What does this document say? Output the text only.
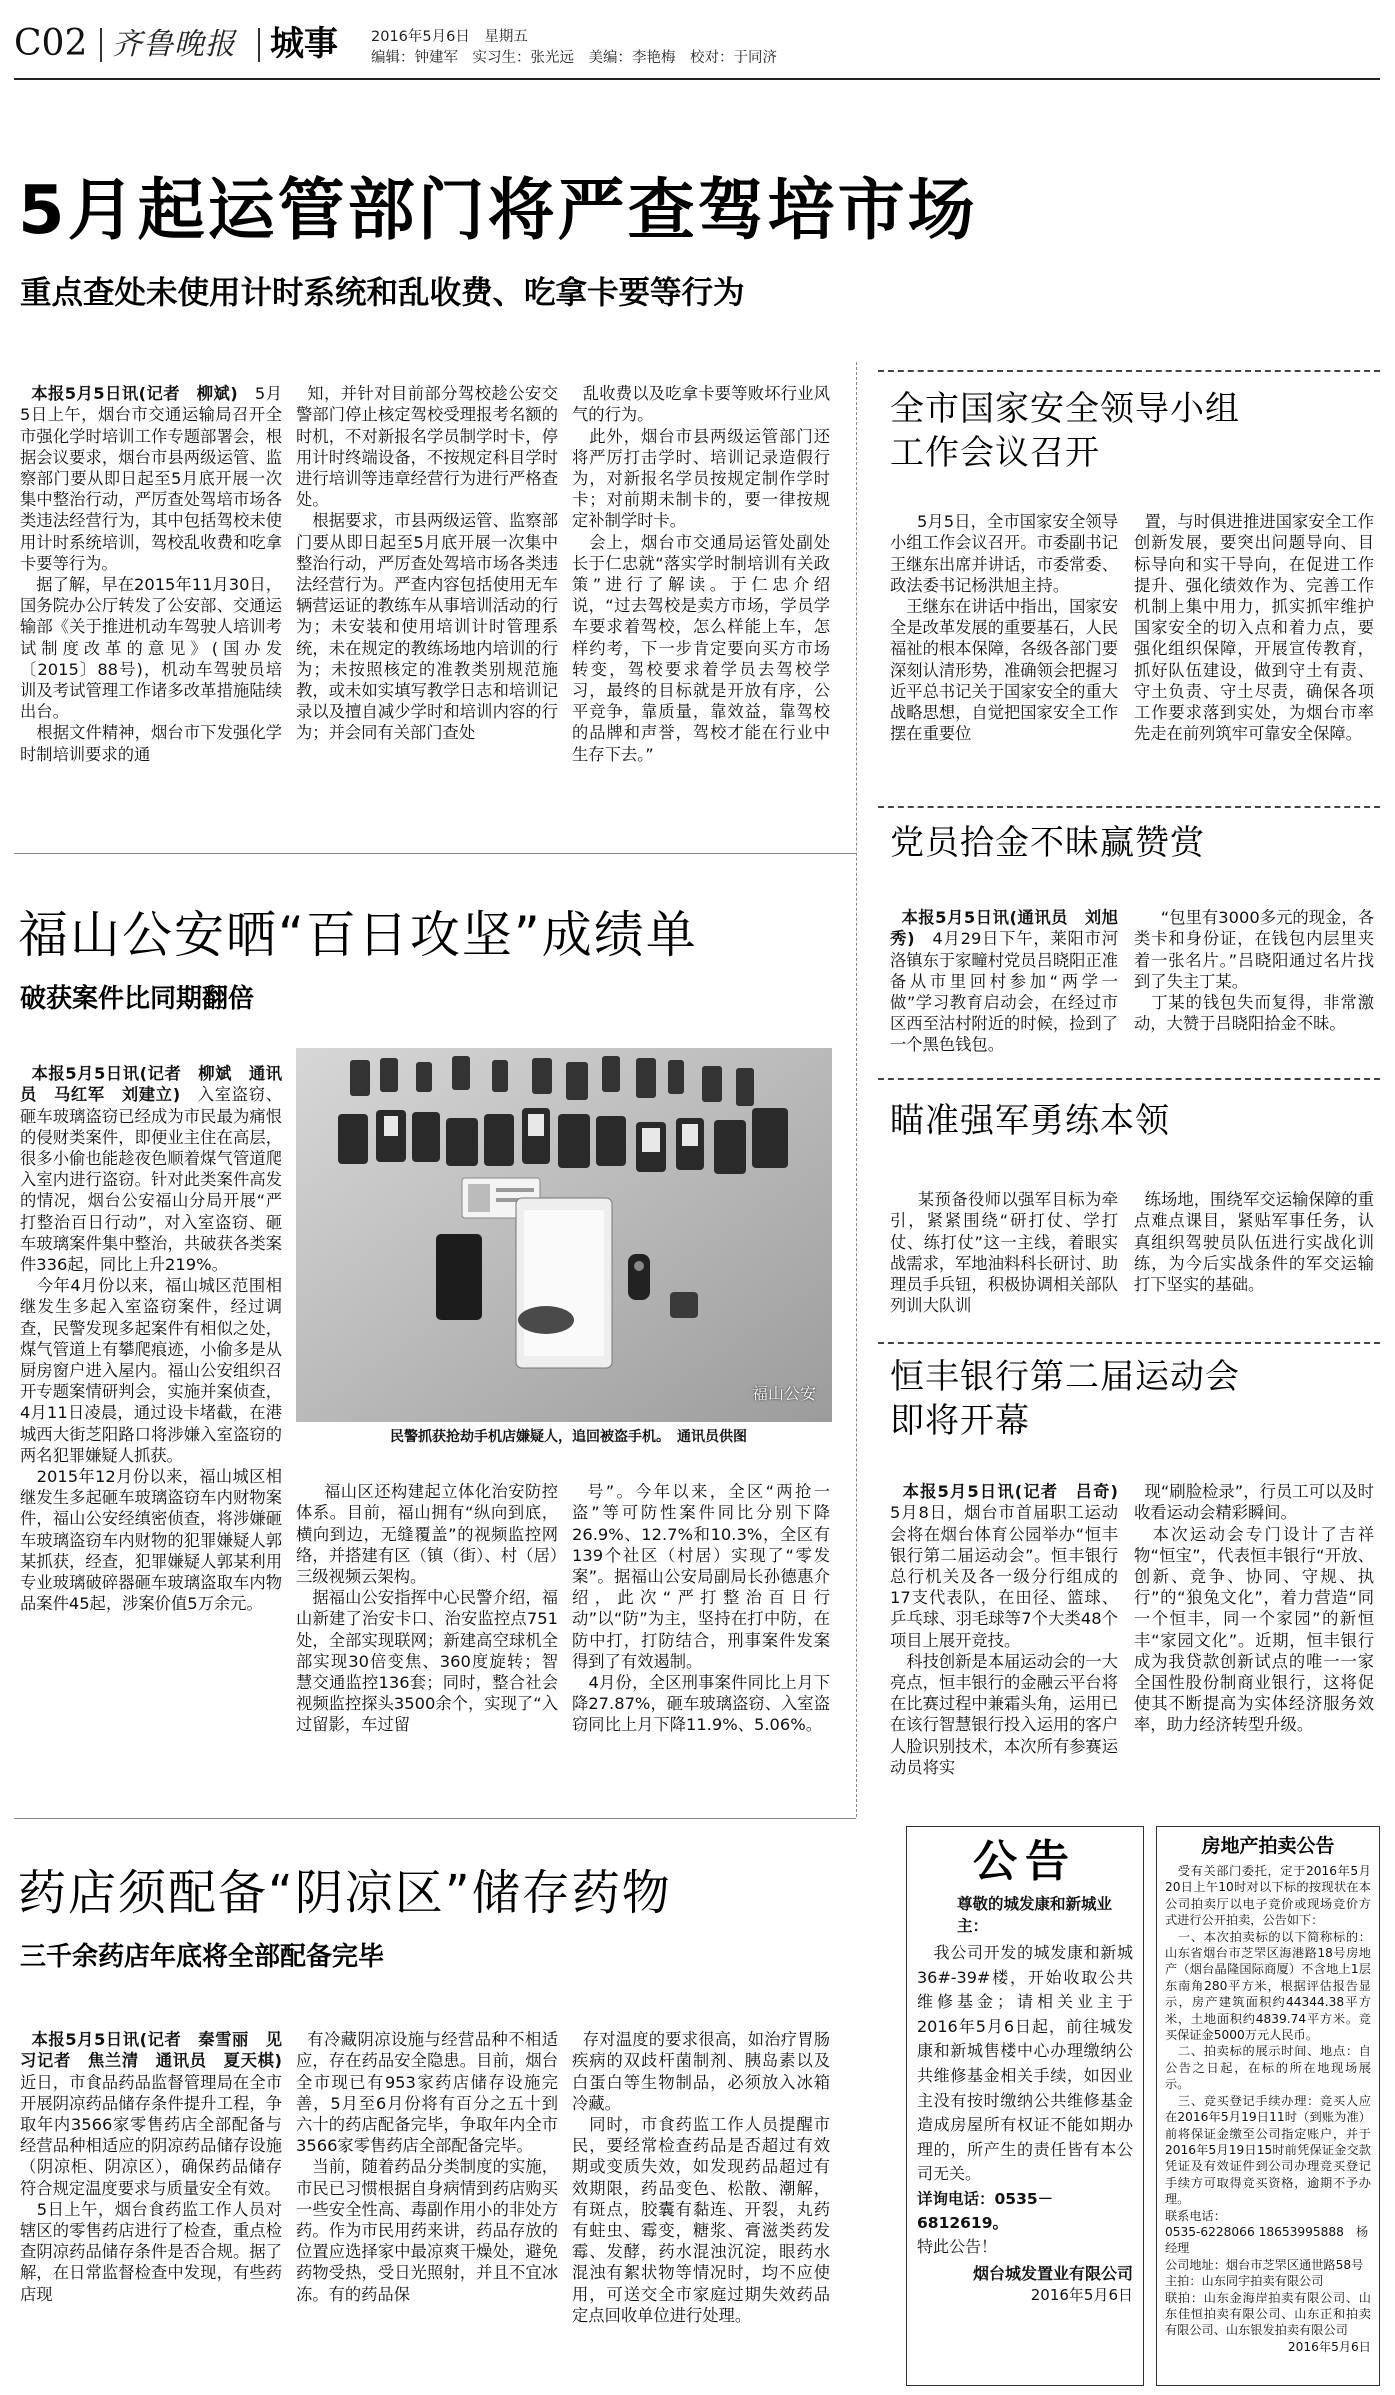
C02 齐鲁晚报 城事 2016年5月6日　 星期五
编辑：钟建军　实习生：张光远　美编：李艳梅　校对：于同济
5月起运管部门将严查驾培市场
重点查处未使用计时系统和乱收费、吃拿卡要等行为

本报5月5日讯(记者　柳斌)　5月5日上午，烟台市交通运输局召开全市强化学时培训工作专题部署会，根据会议要求，烟台市县两级运管、监察部门要从即日起至5月底开展一次集中整治行动，严厉查处驾培市场各类违法经营行为，其中包括驾校未使用计时系统培训，驾校乱收费和吃拿卡要等行为。
　据了解，早在2015年11月30日，国务院办公厅转发了公安部、交通运输部《关于推进机动车驾驶人培训考试制度改革的意见》(国办发〔2015〕88号)，机动车驾驶员培训及考试管理工作诸多改革措施陆续出台。
　根据文件精神，烟台市下发强化学时制培训要求的通

知，并针对目前部分驾校趁公安交警部门停止核定驾校受理报考名额的时机，不对新报名学员制学时卡，停用计时终端设备，不按规定科目学时进行培训等违章经营行为进行严格查处。
　根据要求，市县两级运管、监察部门要从即日起至5月底开展一次集中整治行动，严厉查处驾培市场各类违法经营行为。严查内容包括使用无车辆营运证的教练车从事培训活动的行为；未安装和使用培训计时管理系统，未在规定的教练场地内培训的行为；未按照核定的准教类别规范施教，或未如实填写教学日志和培训记录以及擅自减少学时和培训内容的行为；并会同有关部门查处

乱收费以及吃拿卡要等败坏行业风气的行为。
　此外，烟台市县两级运管部门还将严厉打击学时、培训记录造假行为，对新报名学员按规定制作学时卡；对前期未制卡的，要一律按规定补制学时卡。
　会上，烟台市交通局运管处副处长于仁忠就“落实学时制培训有关政策”进行了解读。于仁忠介绍说，“过去驾校是卖方市场，学员学车要求着驾校，怎么样能上车，怎样约考，下一步肯定要向买方市场转变，驾校要求着学员去驾校学习，最终的目标就是开放有序，公平竞争，靠质量，靠效益，靠驾校的品牌和声誉，驾校才能在行业中生存下去。”

全市国家安全领导小组
工作会议召开

　5月5日，全市国家安全领导小组工作会议召开。市委副书记王继东出席并讲话，市委常委、政法委书记杨洪旭主持。
　王继东在讲话中指出，国家安全是改革发展的重要基石，人民福祉的根本保障，各级各部门要深刻认清形势，准确领会把握习近平总书记关于国家安全的重大战略思想，自觉把国家安全工作摆在重要位

置，与时俱进推进国家安全工作创新发展，要突出问题导向、目标导向和实干导向，在促进工作提升、强化绩效作为、完善工作机制上集中用力，抓实抓牢维护国家安全的切入点和着力点，要强化组织保障，开展宣传教育，抓好队伍建设，做到守土有责、守土负责、守土尽责，确保各项工作要求落到实处，为烟台市率先走在前列筑牢可靠安全保障。

党员拾金不昧赢赞赏

本报5月5日讯(通讯员　刘旭秀)　4月29日下午，莱阳市河洛镇东于家疃村党员吕晓阳正准备从市里回村参加“两学一做”学习教育启动会，在经过市区西至沽村附近的时候，捡到了一个黑色钱包。

　“包里有3000多元的现金，各类卡和身份证，在钱包内层里夹着一张名片。”吕晓阳通过名片找到了失主丁某。
　丁某的钱包失而复得，非常激动，大赞于吕晓阳拾金不昧。

瞄准强军勇练本领

　某预备役师以强军目标为牵引，紧紧围绕“研打仗、学打仗、练打仗”这一主线，着眼实战需求，军地油料科长研讨、助理员手兵钮，积极协调相关部队列训大队训

练场地，围绕军交运输保障的重点难点课目，紧贴军事任务，认真组织驾驶员队伍进行实战化训练，为今后实战条件的军交运输打下坚实的基础。

恒丰银行第二届运动会
即将开幕

本报5月5日讯(记者　吕奇)　5月8日，烟台市首届职工运动会将在烟台体育公园举办“恒丰银行第二届运动会”。恒丰银行总行机关及各一级分行组成的17支代表队，在田径、篮球、乒乓球、羽毛球等7个大类48个项目上展开竞技。
　科技创新是本届运动会的一大亮点，恒丰银行的金融云平台将在比赛过程中兼霜头角，运用已在该行智慧银行投入运用的客户人脸识别技术，本次所有参赛运动员将实

现“刷脸检录”，行员工可以及时收看运动会精彩瞬间。
　本次运动会专门设计了吉祥物“恒宝”，代表恒丰银行“开放、创新、竞争、协同、守规、执行”的“狼兔文化”，着力营造“同一个恒丰，同一个家园”的新恒丰“家园文化”。近期，恒丰银行成为我贷款创新试点的唯一一家全国性股份制商业银行，这将促使其不断提高为实体经济服务效率，助力经济转型升级。

福山公安晒“百日攻坚”成绩单
破获案件比同期翻倍

本报5月5日讯(记者　柳斌　通讯员　马红军　刘建立)　入室盗窃、砸车玻璃盗窃已经成为市民最为痛恨的侵财类案件，即便业主住在高层，很多小偷也能趁夜色顺着煤气管道爬入室内进行盗窃。针对此类案件高发的情况，烟台公安福山分局开展“严打整治百日行动”，对入室盗窃、砸车玻璃案件集中整治，共破获各类案件336起，同比上升219%。
　今年4月份以来，福山城区范围相继发生多起入室盗窃案件，经过调查，民警发现多起案件有相似之处，煤气管道上有攀爬痕迹，小偷多是从厨房窗户进入屋内。福山公安组织召开专题案情研判会，实施并案侦查，4月11日凌晨，通过设卡堵截，在港城西大街芝阳路口将涉嫌入室盗窃的两名犯罪嫌疑人抓获。
　2015年12月份以来，福山城区相继发生多起砸车玻璃盗窃车内财物案件，福山公安经缜密侦查，将涉嫌砸车玻璃盗窃车内财物的犯罪嫌疑人郭某抓获，经查，犯罪嫌疑人郭某利用专业玻璃破碎器砸车玻璃盗取车内物品案件45起，涉案价值5万余元。

福山公安
民警抓获抢劫手机店嫌疑人，追回被盗手机。　通讯员供图

　福山区还构建起立体化治安防控体系。目前，福山拥有“纵向到底，横向到边，无缝覆盖”的视频监控网络，并搭建有区（镇（街）、村（居）三级视频云架构。
　据福山公安指挥中心民警介绍，福山新建了治安卡口、治安监控点751处，全部实现联网；新建高空球机全部实现30倍变焦、360度旋转；智慧交通监控136套；同时，整合社会视频监控探头3500余个，实现了“入过留影，车过留

号”。今年以来，全区“两抢一盗”等可防性案件同比分别下降26.9%、12.7%和10.3%，全区有139个社区（村居）实现了“零发案”。据福山公安局副局长孙德惠介绍，此次“严打整治百日行动”以“防”为主，坚持在打中防，在防中打，打防结合，刑事案件发案得到了有效遏制。
　4月份，全区刑事案件同比上月下降27.87%，砸车玻璃盗窃、入室盗窃同比上月下降11.9%、5.06%。

药店须配备“阴凉区”储存药物
三千余药店年底将全部配备完毕

本报5月5日讯(记者　秦雪丽　见习记者　焦兰清　通讯员　夏天棋)　近日，市食品药品监督管理局在全市开展阴凉药品储存条件提升工程，争取年内3566家零售药店全部配备与经营品种相适应的阴凉药品储存设施（阴凉柜、阴凉区），确保药品储存符合规定温度要求与质量安全有效。
　5日上午，烟台食药监工作人员对辖区的零售药店进行了检查，重点检查阴凉药品储存条件是否合规。据了解，在日常监督检查中发现，有些药店现

有冷藏阴凉设施与经营品种不相适应，存在药品安全隐患。目前，烟台全市现已有953家药店储存设施完善，5月至6月份将有百分之五十到六十的药店配备完毕，争取年内全市3566家零售药店全部配备完毕。
　当前，随着药品分类制度的实施，市民已习惯根据自身病情到药店购买一些安全性高、毒副作用小的非处方药。作为市民用药来讲，药品存放的位置应选择家中最凉爽干燥处，避免药物受热，受日光照射，并且不宜冰冻。有的药品保

存对温度的要求很高，如治疗胃肠疾病的双歧杆菌制剂、胰岛素以及白蛋白等生物制品，必须放入冰箱冷藏。
　同时，市食药监工作人员提醒市民，要经常检查药品是否超过有效期或变质失效，如发现药品超过有效期限，药品变色、松散、潮解，有斑点，胶囊有黏连、开裂，丸药有蛀虫、霉变，糖浆、膏滋类药发霉、发酵，药水混浊沉淀，眼药水混浊有絮状物等情况时，均不应使用，可送交全市家庭过期失效药品定点回收单位进行处理。

公告
尊敬的城发康和新城业主：
　我公司开发的城发康和新城36#-39#楼，开始收取公共维修基金；请相关业主于2016年5月6日起，前往城发康和新城售楼中心办理缴纳公共维修基金相关手续，如因业主没有按时缴纳公共维修基金造成房屋所有权证不能如期办理的，所产生的责任皆有本公司无关。
详询电话：0535－6812619。
特此公告！
烟台城发置业有限公司
2016年5月6日
房地产拍卖公告
　受有关部门委托，定于2016年5月20日上午10时对以下标的按现状在本公司拍卖厅以电子竞价或现场竞价方式进行公开拍卖，公告如下：
　一、本次拍卖标的以下简称标的：山东省烟台市芝罘区海港路18号房地产（烟台晶隆国际商厦）不含地上1层东南角280平方米，根据评估报告显示，房产建筑面积约44344.38平方米，土地面积约4839.74平方米。竞买保证金5000万元人民币。
　二、拍卖标的展示时间、地点：自公告之日起，在标的所在地现场展示。
　三、竞买登记手续办理：竞买人应在2016年5月19日11时（到账为准）前将保证金缴至公司指定账户，并于2016年5月19日15时前凭保证金交款凭证及有效证件到公司办理竞买登记手续方可取得竞买资格，逾期不予办理。
联系电话：
0535-6228066 18653995888　杨经理
公司地址：烟台市芝罘区通世路58号
主拍：山东同宇拍卖有限公司
联拍：山东金海岸拍卖有限公司、山东佳恒拍卖有限公司、山东正和拍卖有限公司、山东银发拍卖有限公司
2016年5月6日
